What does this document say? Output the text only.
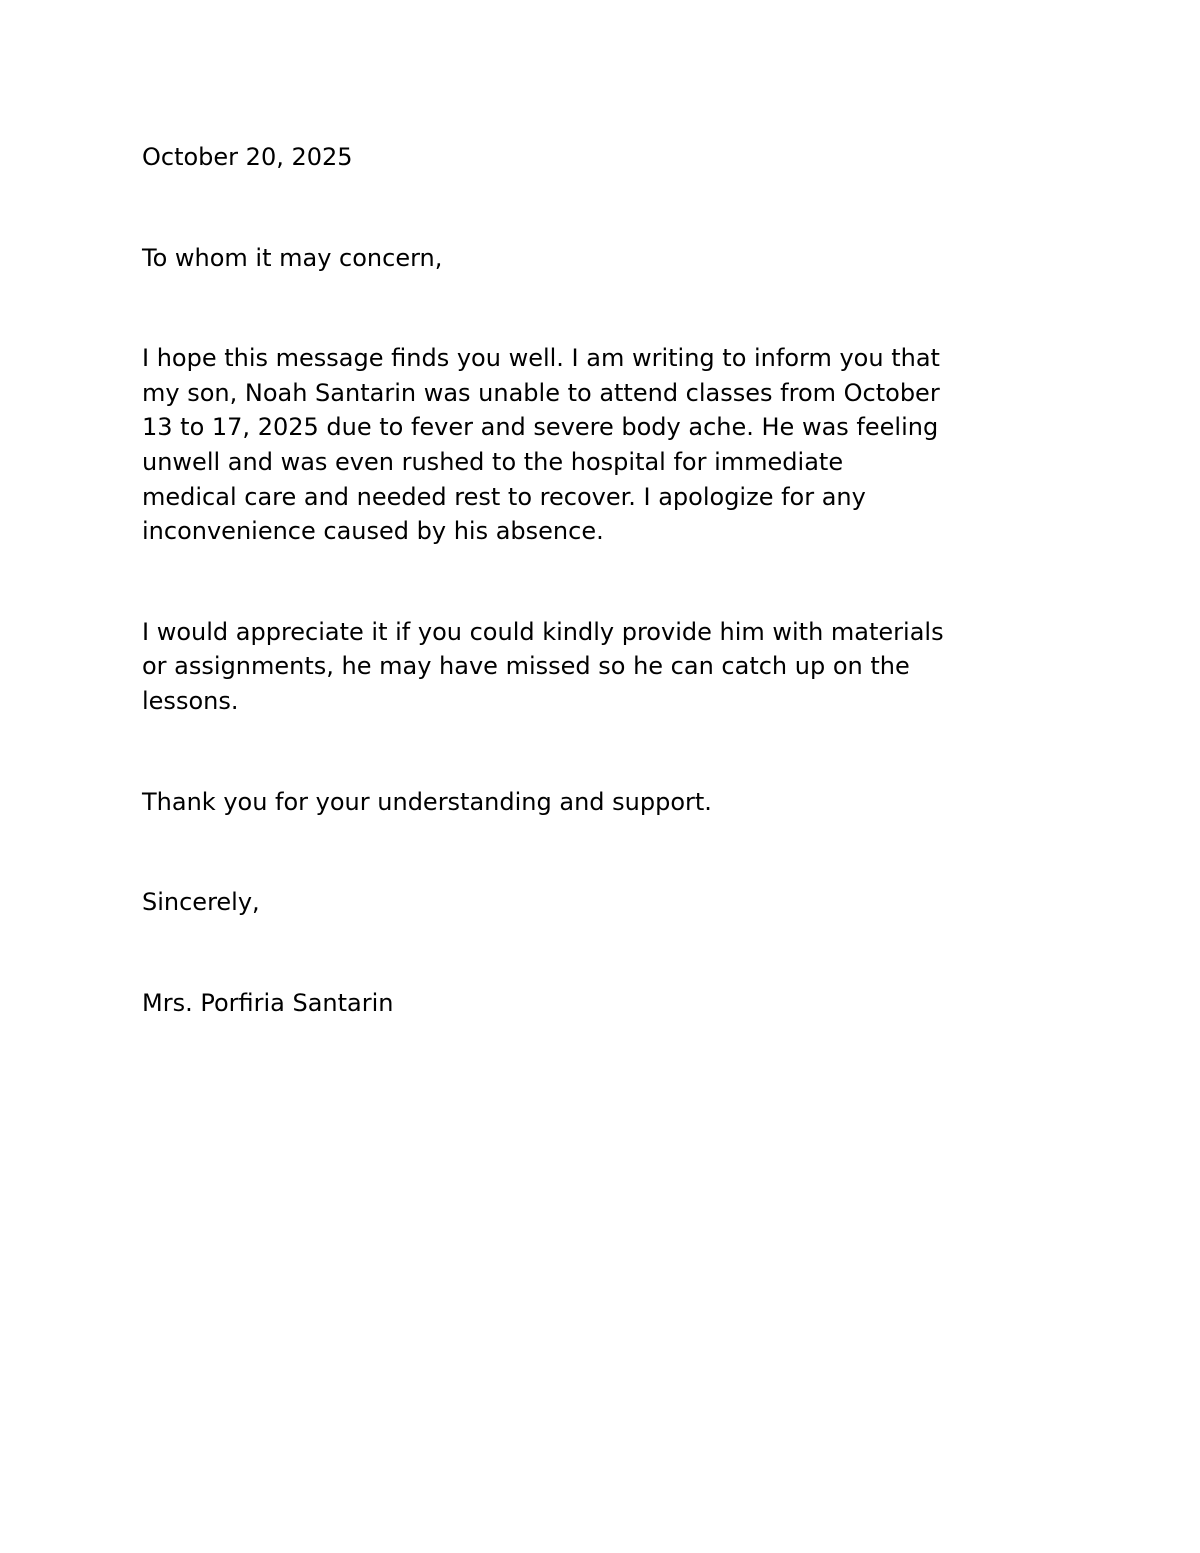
October 20, 2025

To whom it may concern,

I hope this message finds you well. I am writing to inform you that
my son, Noah Santarin was unable to attend classes from October
13 to 17, 2025 due to fever and severe body ache. He was feeling
unwell and was even rushed to the hospital for immediate
medical care and needed rest to recover. I apologize for any
inconvenience caused by his absence.

I would appreciate it if you could kindly provide him with materials
or assignments, he may have missed so he can catch up on the
lessons.

Thank you for your understanding and support.

Sincerely,

Mrs. Porfiria Santarin
